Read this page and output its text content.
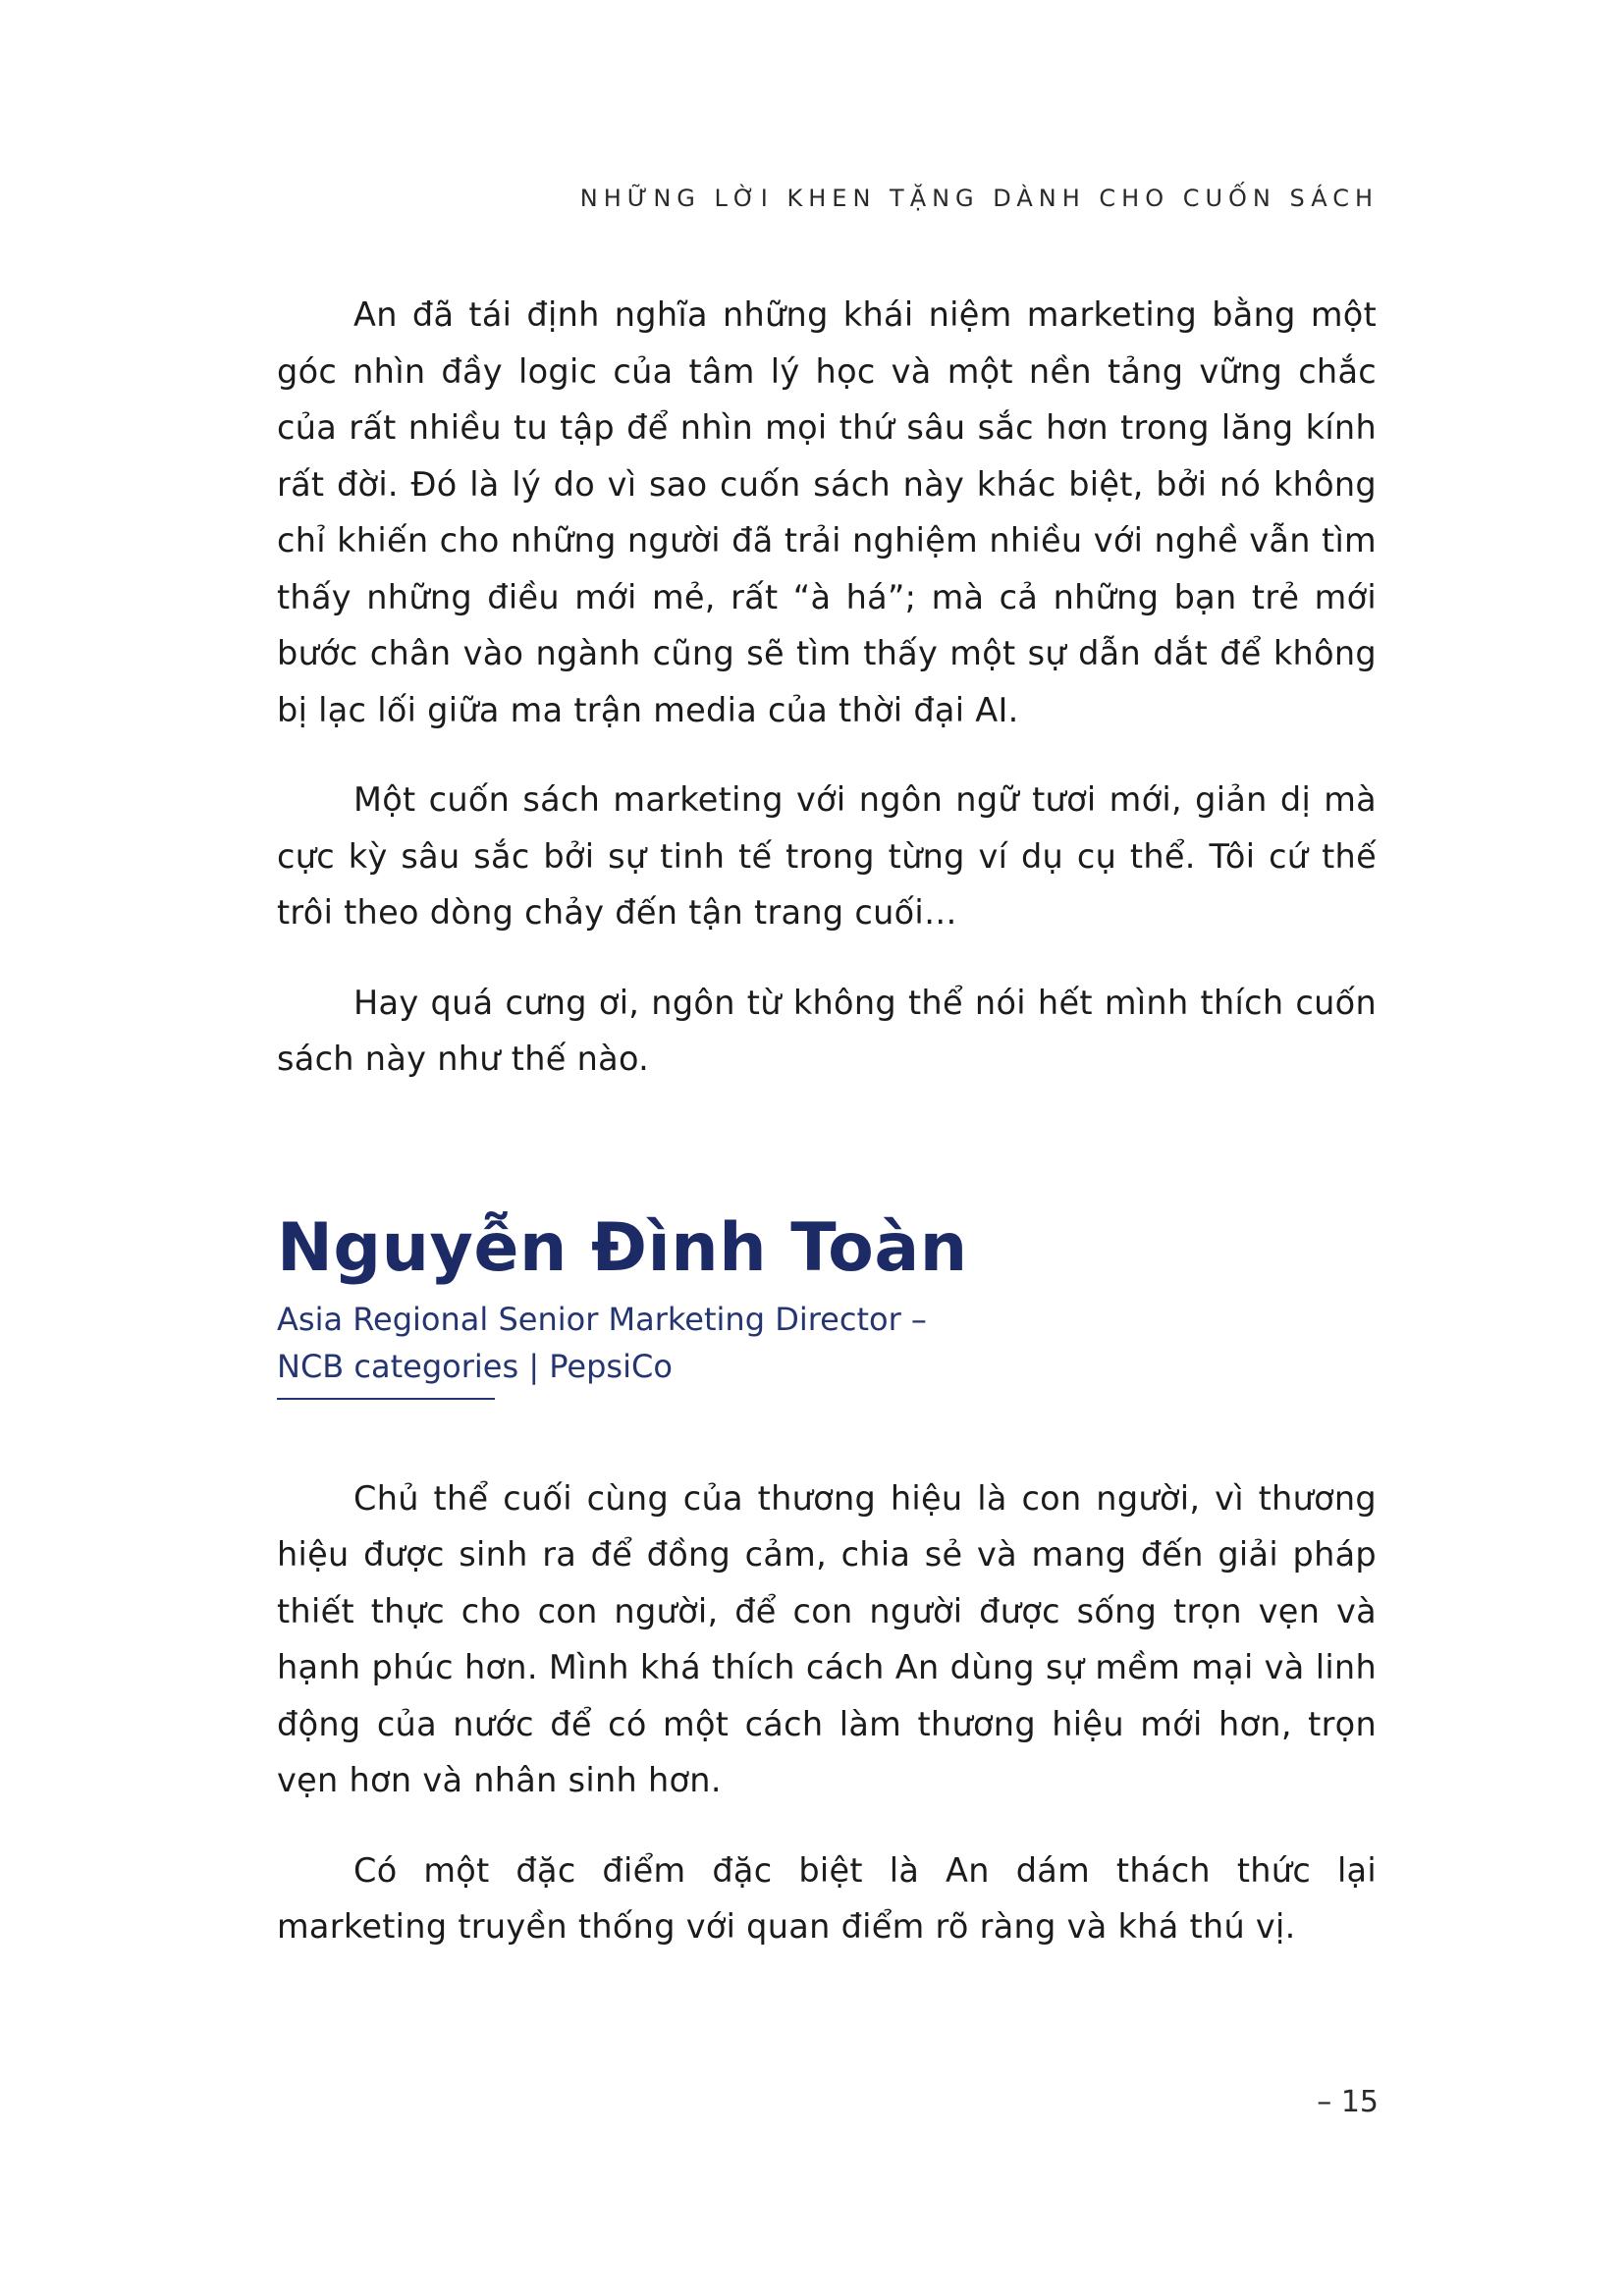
NHỮNG LỜI KHEN TẶNG DÀNH CHO CUỐN SÁCH

An đã tái định nghĩa những khái niệm marketing bằng một góc nhìn đầy logic của tâm lý học và một nền tảng vững chắc của rất nhiều tu tập để nhìn mọi thứ sâu sắc hơn trong lăng kính rất đời. Đó là lý do vì sao cuốn sách này khác biệt, bởi nó không chỉ khiến cho những người đã trải nghiệm nhiều với nghề vẫn tìm thấy những điều mới mẻ, rất “à há”; mà cả những bạn trẻ mới bước chân vào ngành cũng sẽ tìm thấy một sự dẫn dắt để không bị lạc lối giữa ma trận media của thời đại AI.

Một cuốn sách marketing với ngôn ngữ tươi mới, giản dị mà cực kỳ sâu sắc bởi sự tinh tế trong từng ví dụ cụ thể. Tôi cứ thế trôi theo dòng chảy đến tận trang cuối…

Hay quá cưng ơi, ngôn từ không thể nói hết mình thích cuốn sách này như thế nào.

Nguyễn Đình Toàn
Asia Regional Senior Marketing Director –
NCB categories | PepsiCo

Chủ thể cuối cùng của thương hiệu là con người, vì thương hiệu được sinh ra để đồng cảm, chia sẻ và mang đến giải pháp thiết thực cho con người, để con người được sống trọn vẹn và hạnh phúc hơn. Mình khá thích cách An dùng sự mềm mại và linh động của nước để có một cách làm thương hiệu mới hơn, trọn vẹn hơn và nhân sinh hơn.

Có một đặc điểm đặc biệt là An dám thách thức lại marketing truyền thống với quan điểm rõ ràng và khá thú vị.

– 15
